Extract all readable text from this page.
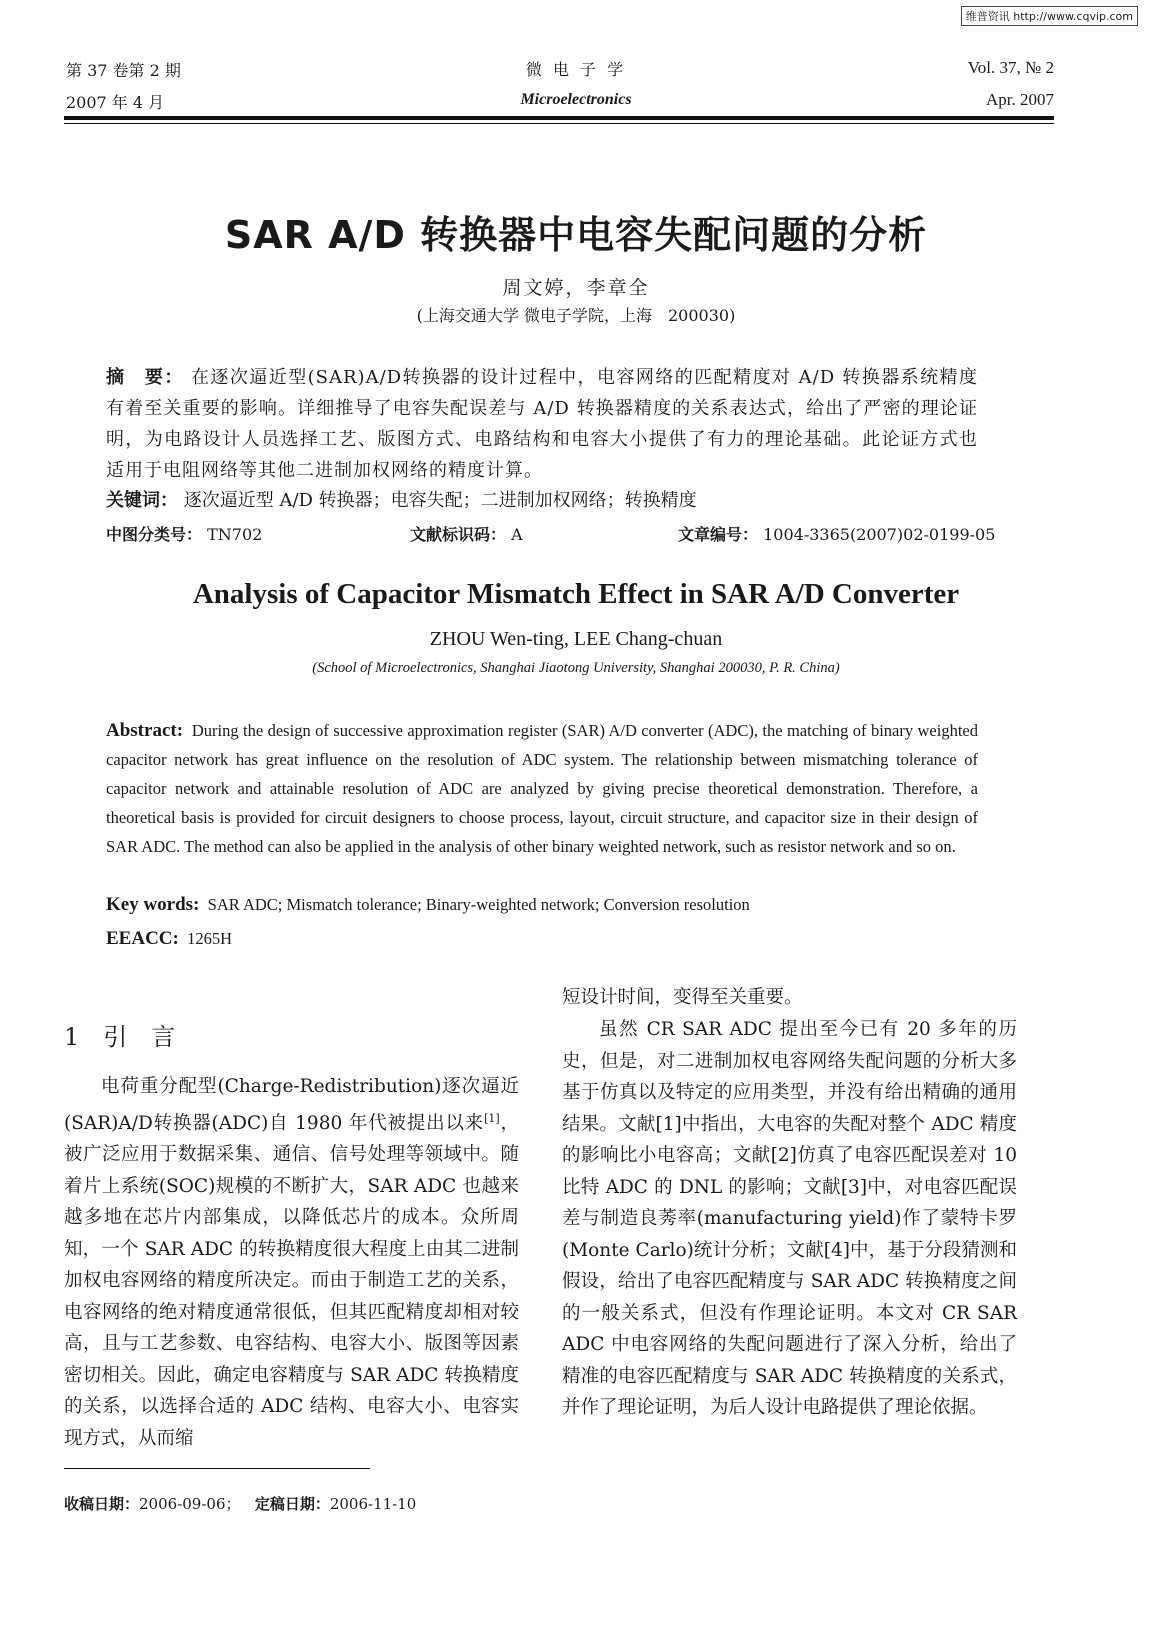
维普资讯 http://www.cqvip.com
第 37 卷第 2 期
2007 年 4 月
微 电 子 学
Microelectronics
Vol. 37, № 2
Apr. 2007
SAR A/D 转换器中电容失配问题的分析
周文婷，李章全
(上海交通大学 微电子学院，上海　200030)
摘　要： 在逐次逼近型(SAR)A/D转换器的设计过程中，电容网络的匹配精度对 A/D 转换器系统精度有着至关重要的影响。详细推导了电容失配误差与 A/D 转换器精度的关系表达式，给出了严密的理论证明，为电路设计人员选择工艺、版图方式、电路结构和电容大小提供了有力的理论基础。此论证方式也适用于电阻网络等其他二进制加权网络的精度计算。
关键词： 逐次逼近型 A/D 转换器；电容失配；二进制加权网络；转换精度
中图分类号： TN702	文献标识码： A	文章编号： 1004-3365(2007)02-0199-05
Analysis of Capacitor Mismatch Effect in SAR A/D Converter
ZHOU Wen-ting, LEE Chang-chuan
(School of Microelectronics, Shanghai Jiaotong University, Shanghai 200030, P. R. China)
Abstract: During the design of successive approximation register (SAR) A/D converter (ADC), the matching of binary weighted capacitor network has great influence on the resolution of ADC system. The relationship between mismatching tolerance of capacitor network and attainable resolution of ADC are analyzed by giving precise theoretical demonstration. Therefore, a theoretical basis is provided for circuit designers to choose process, layout, circuit structure, and capacitor size in their design of SAR ADC. The method can also be applied in the analysis of other binary weighted network, such as resistor network and so on.
Key words: SAR ADC; Mismatch tolerance; Binary-weighted network; Conversion resolution
EEACC: 1265H
1　引　言
电荷重分配型(Charge-Redistribution)逐次逼近(SAR)A/D转换器(ADC)自 1980 年代被提出以来[1]，被广泛应用于数据采集、通信、信号处理等领域中。随着片上系统(SOC)规模的不断扩大，SAR ADC 也越来越多地在芯片内部集成，以降低芯片的成本。众所周知，一个 SAR ADC 的转换精度很大程度上由其二进制加权电容网络的精度所决定。而由于制造工艺的关系，电容网络的绝对精度通常很低，但其匹配精度却相对较高，且与工艺参数、电容结构、电容大小、版图等因素密切相关。因此，确定电容精度与 SAR ADC 转换精度的关系，以选择合适的 ADC 结构、电容大小、电容实现方式，从而缩
短设计时间，变得至关重要。
虽然 CR SAR ADC 提出至今已有 20 多年的历史，但是，对二进制加权电容网络失配问题的分析大多基于仿真以及特定的应用类型，并没有给出精确的通用结果。文献[1]中指出，大电容的失配对整个 ADC 精度的影响比小电容高；文献[2]仿真了电容匹配误差对 10 比特 ADC 的 DNL 的影响；文献[3]中，对电容匹配误差与制造良莠率(manufacturing yield)作了蒙特卡罗(Monte Carlo)统计分析；文献[4]中，基于分段猜测和假设，给出了电容匹配精度与 SAR ADC 转换精度之间的一般关系式，但没有作理论证明。本文对 CR SAR ADC 中电容网络的失配问题进行了深入分析，给出了精准的电容匹配精度与 SAR ADC 转换精度的关系式，并作了理论证明，为后人设计电路提供了理论依据。
收稿日期：2006-09-06； 定稿日期：2006-11-10
